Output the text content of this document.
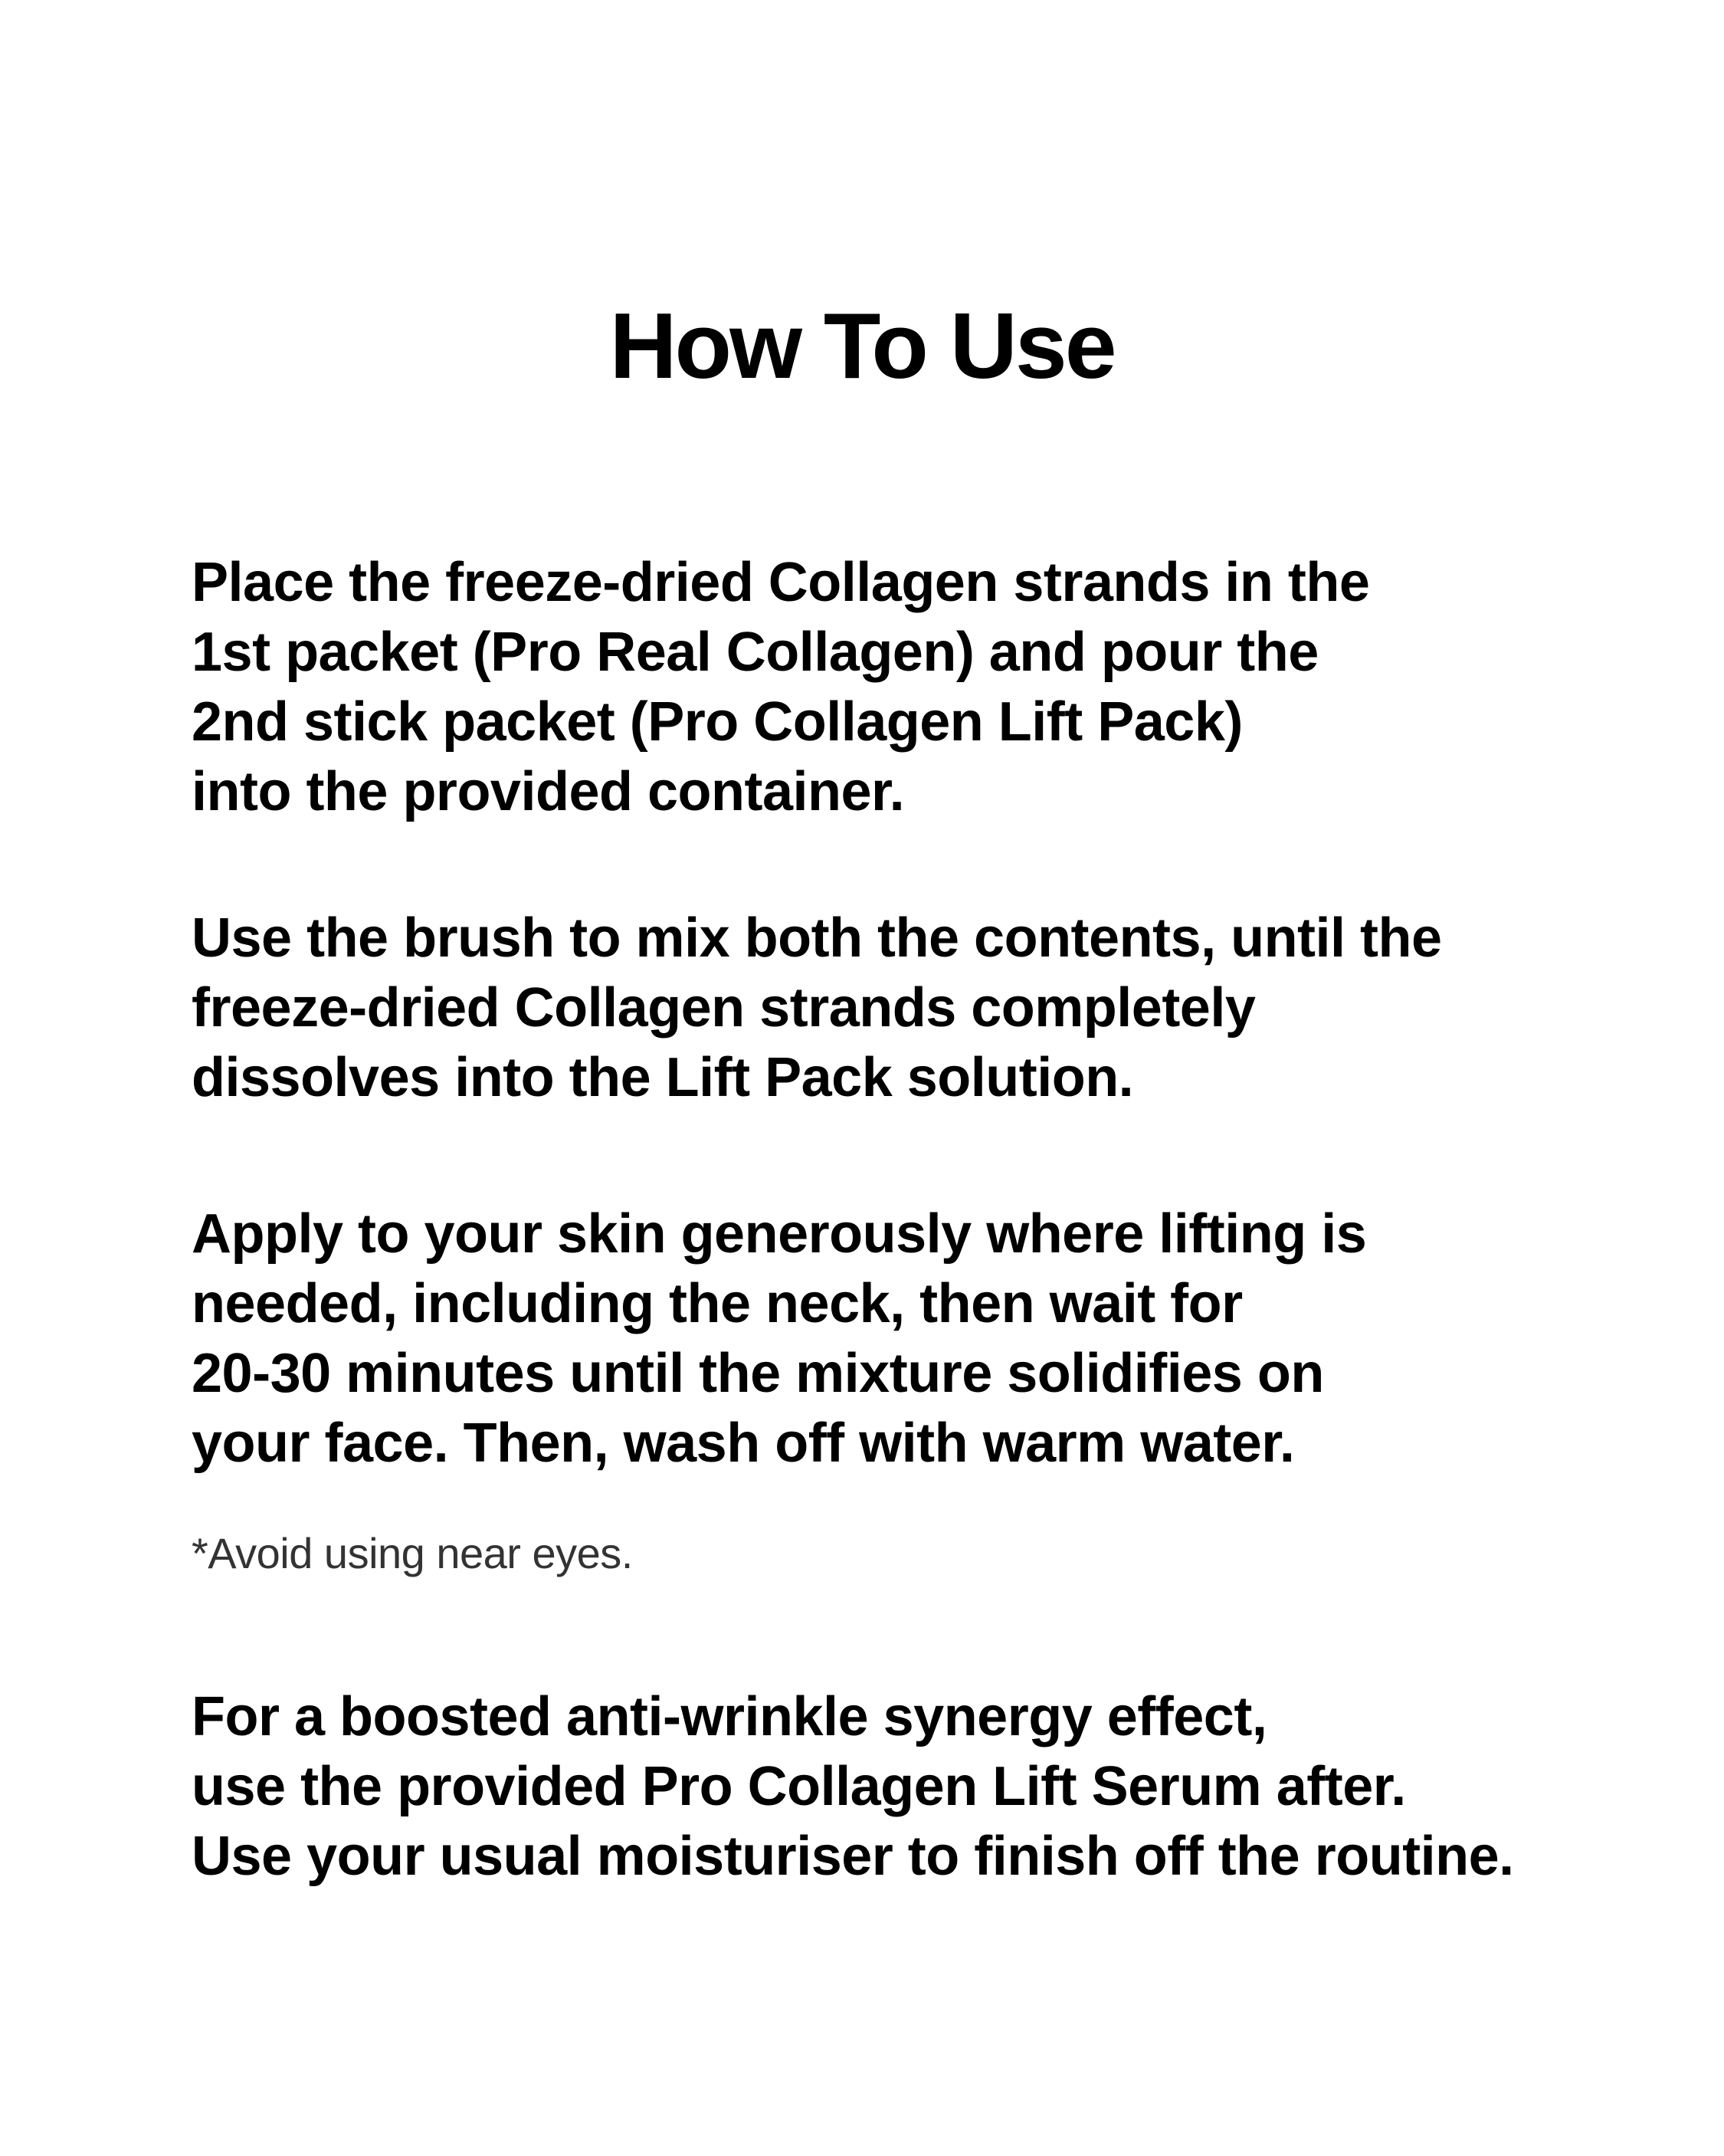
How To Use

Place the freeze-dried Collagen strands in the
1st packet (Pro Real Collagen) and pour the
2nd stick packet (Pro Collagen Lift Pack)
into the provided container.

Use the brush to mix both the contents, until the
freeze-dried Collagen strands completely
dissolves into the Lift Pack solution.

Apply to your skin generously where lifting is
needed, including the neck, then wait for
20-30 minutes until the mixture solidifies on
your face. Then, wash off with warm water.

*Avoid using near eyes.

For a boosted anti-wrinkle synergy effect,
use the provided Pro Collagen Lift Serum after.
Use your usual moisturiser to finish off the routine.
